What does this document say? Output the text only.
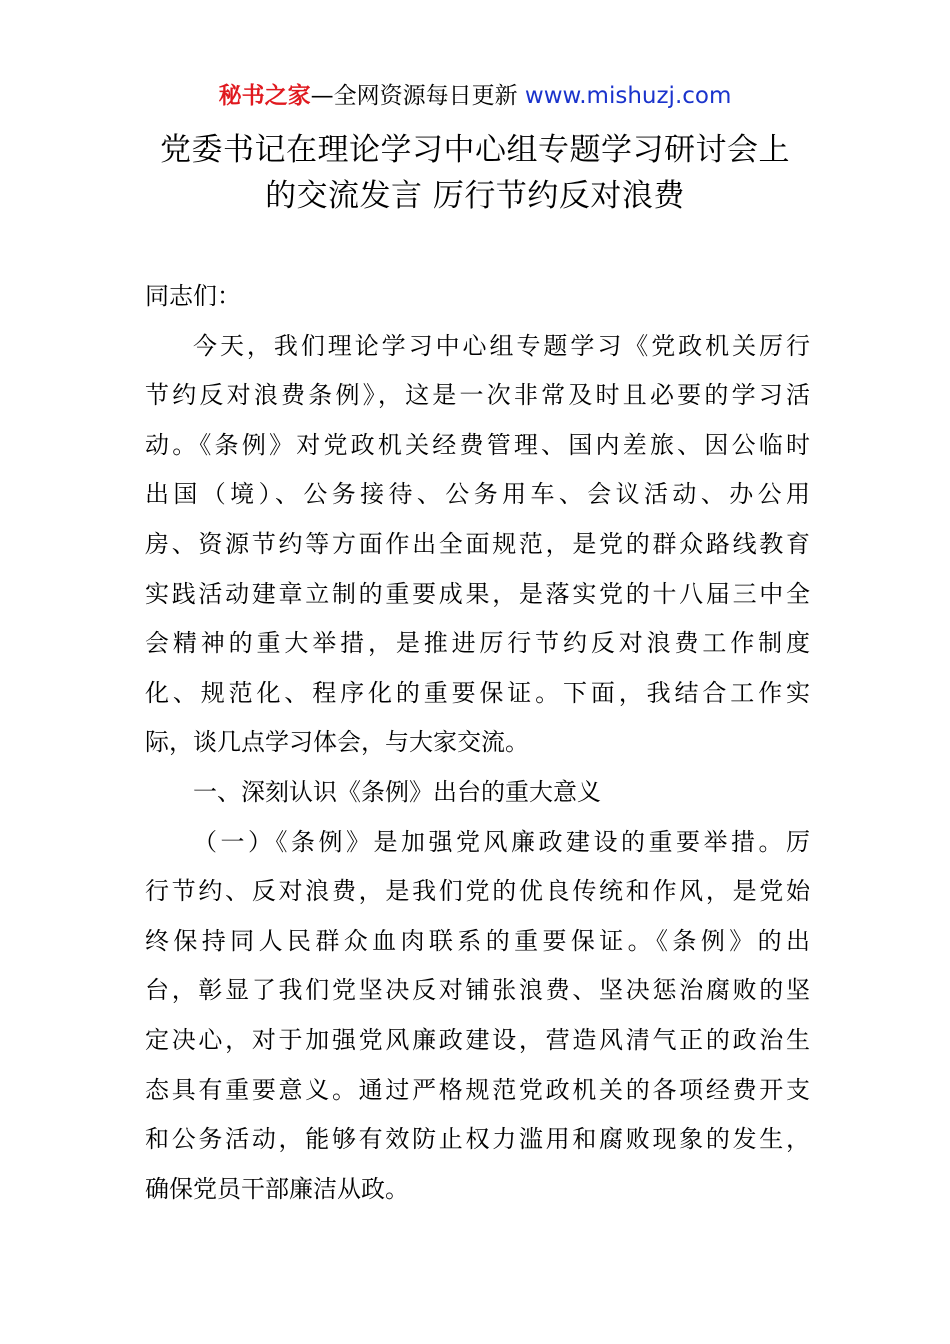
秘书之家—全网资源每日更新 www.mishuzj.com
党委书记在理论学习中心组专题学习研讨会上
的交流发言 厉行节约反对浪费
同志们：
今天，我们理论学习中心组专题学习《党政机关厉行
节约反对浪费条例》，这是一次非常及时且必要的学习活
动。《条例》对党政机关经费管理、国内差旅、因公临时
出国（境）、公务接待、公务用车、会议活动、办公用
房、资源节约等方面作出全面规范，是党的群众路线教育
实践活动建章立制的重要成果，是落实党的十八届三中全
会精神的重大举措，是推进厉行节约反对浪费工作制度
化、规范化、程序化的重要保证。下面，我结合工作实
际，谈几点学习体会，与大家交流。
一、深刻认识《条例》出台的重大意义
（一）《条例》是加强党风廉政建设的重要举措。厉
行节约、反对浪费，是我们党的优良传统和作风，是党始
终保持同人民群众血肉联系的重要保证。《条例》的出
台，彰显了我们党坚决反对铺张浪费、坚决惩治腐败的坚
定决心，对于加强党风廉政建设，营造风清气正的政治生
态具有重要意义。通过严格规范党政机关的各项经费开支
和公务活动，能够有效防止权力滥用和腐败现象的发生，
确保党员干部廉洁从政。
